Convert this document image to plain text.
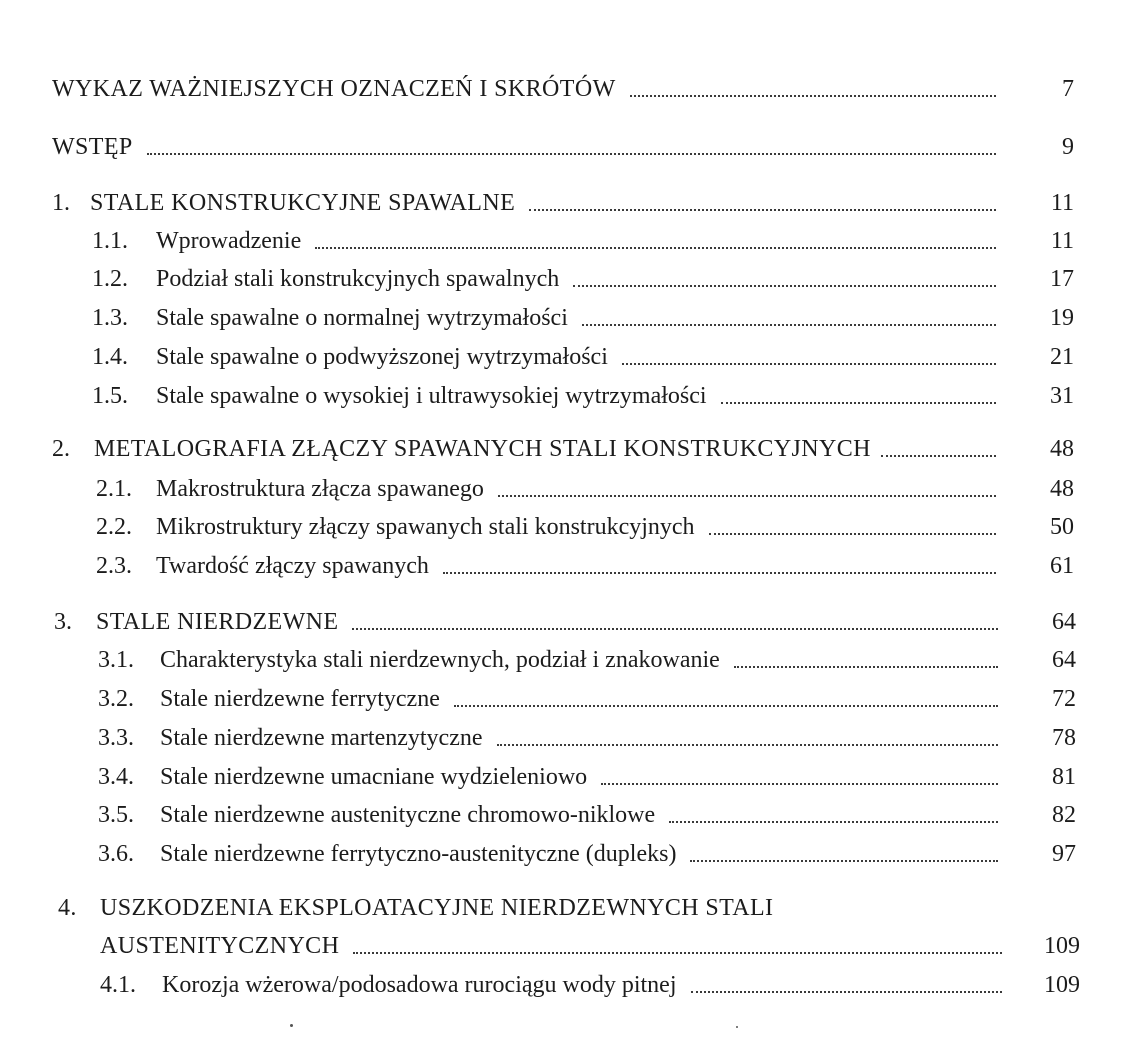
WYKAZ WAŻNIEJSZYCH OZNACZEŃ I SKRÓTÓW	7
WSTĘP	9
1. STALE KONSTRUKCYJNE SPAWALNE	11
1.1.	Wprowadzenie	11
1.2.	Podział stali konstrukcyjnych spawalnych	17
1.3.	Stale spawalne o normalnej wytrzymałości	19
1.4.	Stale spawalne o podwyższonej wytrzymałości	21
1.5.	Stale spawalne o wysokiej i ultrawysokiej wytrzymałości	31
2.	METALOGRAFIA ZŁĄCZY SPAWANYCH STALI KONSTRUKCYJNYCH	48
2.1.	Makrostruktura złącza spawanego	48
2.2.	Mikrostruktury złączy spawanych stali konstrukcyjnych	50
2.3.	Twardość złączy spawanych	61
3.	STALE NIERDZEWNE	64
3.1.	Charakterystyka stali nierdzewnych, podział i znakowanie	64
3.2.	Stale nierdzewne ferrytyczne	72
3.3.	Stale nierdzewne martenzytyczne	78
3.4.	Stale nierdzewne umacniane wydzieleniowo	81
3.5.	Stale nierdzewne austenityczne chromowo-niklowe	82
3.6.	Stale nierdzewne ferrytyczno-austenityczne (dupleks)	97
4. USZKODZENIA EKSPLOATACYJNE NIERDZEWNYCH STALI
AUSTENITYCZNYCH	109
4.1.	Korozja wżerowa/podosadowa rurociągu wody pitnej	109
